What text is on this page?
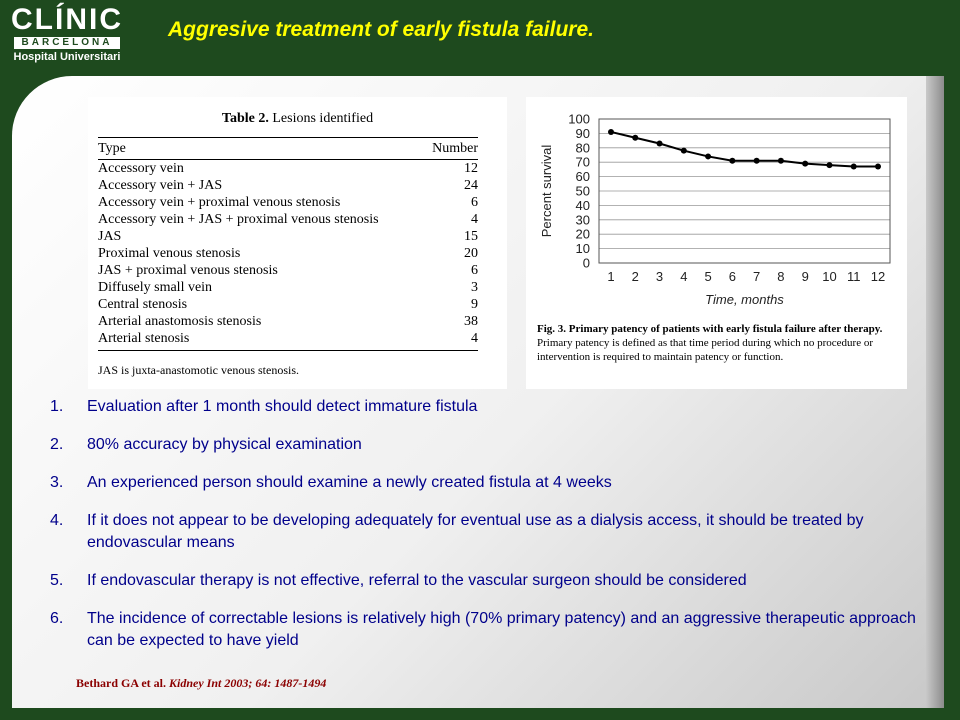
CLÍNIC
BARCELONA
Hospital Universitari
Aggresive treatment of early fistula failure.
Table 2. Lesions identified
Type	Number
Accessory vein	12
Accessory vein + JAS	24
Accessory vein + proximal venous stenosis	6
Accessory vein + JAS + proximal venous stenosis	4
JAS	15
Proximal venous stenosis	20
JAS + proximal venous stenosis	6
Diffusely small vein	3
Central stenosis	9
Arterial anastomosis stenosis	38
Arterial stenosis	4
JAS is juxta-anastomotic venous stenosis.
0
10
20
30
40
50
60
70
80
90
100
1 2 3 4 5 6 7 8 9 10 11 12
Time, months
Percent survival
Fig. 3. Primary patency of patients with early fistula failure after therapy. Primary patency is defined as that time period during which no procedure or intervention is required to maintain patency or function.
1. Evaluation after 1 month should detect immature fistula
2. 80% accuracy by physical examination
3. An experienced person should examine a newly created fistula at 4 weeks
4. If it does not appear to be developing adequately for eventual use as a dialysis access, it should be treated by endovascular means
5. If endovascular therapy is not effective, referral to the vascular surgeon should be considered
6. The incidence of correctable lesions is relatively high (70% primary patency) and an aggressive therapeutic approach can be expected to have yield
Bethard GA et al. Kidney Int 2003; 64: 1487-1494
